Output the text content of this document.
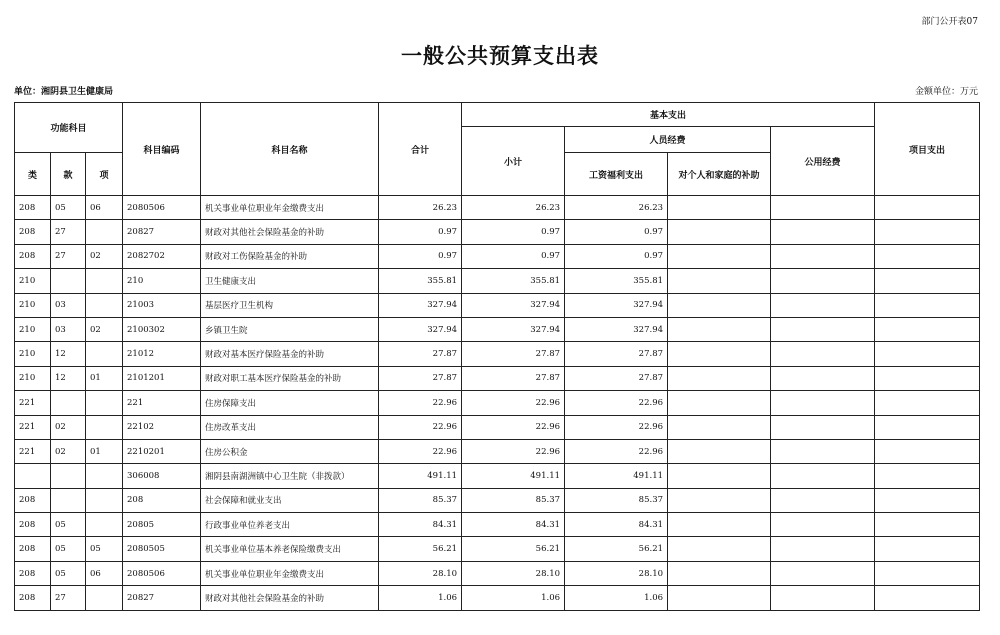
部门公开表07
一般公共预算支出表
单位：湘阴县卫生健康局	金额单位：万元
功能科目			科目编码	科目名称	合计	基本支出				项目支出
						小计	人员经费		公用经费	
类	款	项					工资福利支出	对个人和家庭的补助		
208	05	06	2080506	机关事业单位职业年金缴费支出	26.23	26.23	26.23			
208	27		20827	财政对其他社会保险基金的补助	0.97	0.97	0.97			
208	27	02	2082702	财政对工伤保险基金的补助	0.97	0.97	0.97			
210			210	卫生健康支出	355.81	355.81	355.81			
210	03		21003	基层医疗卫生机构	327.94	327.94	327.94			
210	03	02	2100302	乡镇卫生院	327.94	327.94	327.94			
210	12		21012	财政对基本医疗保险基金的补助	27.87	27.87	27.87			
210	12	01	2101201	财政对职工基本医疗保险基金的补助	27.87	27.87	27.87			
221			221	住房保障支出	22.96	22.96	22.96			
221	02		22102	住房改革支出	22.96	22.96	22.96			
221	02	01	2210201	住房公积金	22.96	22.96	22.96			
			306008	湘阴县南湖洲镇中心卫生院（非拨款）	491.11	491.11	491.11			
208			208	社会保障和就业支出	85.37	85.37	85.37			
208	05		20805	行政事业单位养老支出	84.31	84.31	84.31			
208	05	05	2080505	机关事业单位基本养老保险缴费支出	56.21	56.21	56.21			
208	05	06	2080506	机关事业单位职业年金缴费支出	28.10	28.10	28.10			
208	27		20827	财政对其他社会保险基金的补助	1.06	1.06	1.06			
